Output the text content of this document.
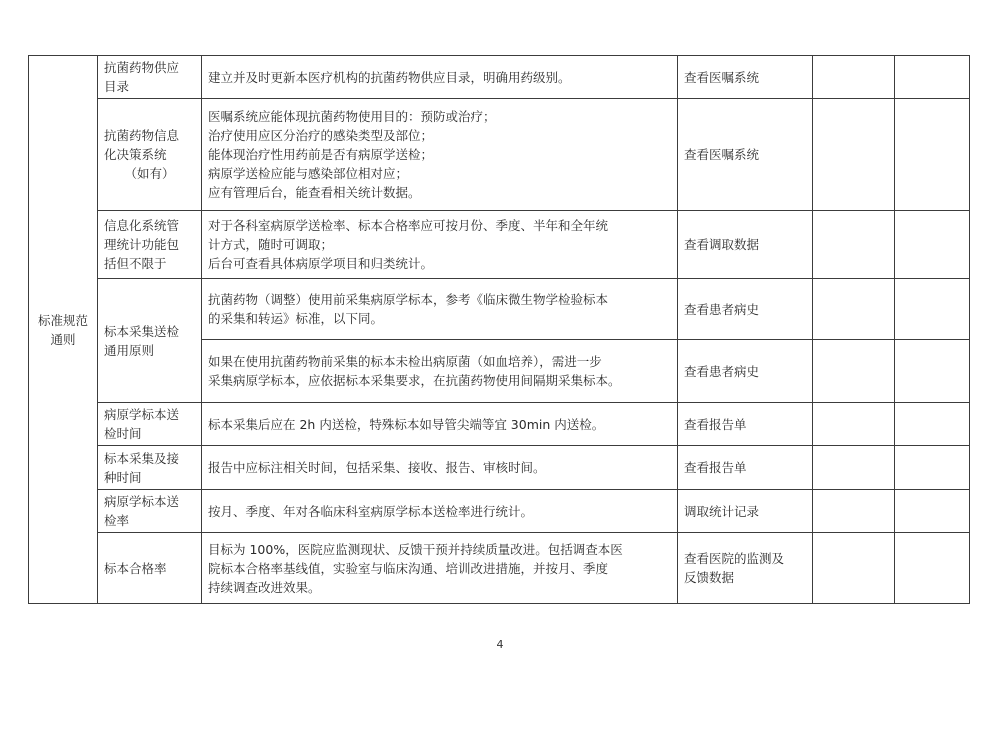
标准规范通则	抗菌药物供应
目录	建立并及时更新本医疗机构的抗菌药物供应目录，明确用药级别。	查看医嘱系统		

	抗菌药物信息
化决策系统
（如有）	医嘱系统应能体现抗菌药物使用目的：预防或治疗；
治疗使用应区分治疗的感染类型及部位；
能体现治疗性用药前是否有病原学送检；
病原学送检应能与感染部位相对应；
应有管理后台，能查看相关统计数据。	查看医嘱系统		

	信息化系统管
理统计功能包
括但不限于	对于各科室病原学送检率、标本合格率应可按月份、季度、半年和全年统
计方式，随时可调取；
后台可查看具体病原学项目和归类统计。	查看调取数据		

	标本采集送检
通用原则	抗菌药物（调整）使用前采集病原学标本，参考《临床微生物学检验标本
的采集和转运》标准，以下同。	查看患者病史		

		如果在使用抗菌药物前采集的标本未检出病原菌（如血培养），需进一步
采集病原学标本，应依据标本采集要求，在抗菌药物使用间隔期采集标本。	查看患者病史		

	病原学标本送
检时间	标本采集后应在 2h 内送检，特殊标本如导管尖端等宜 30min 内送检。	查看报告单		

	标本采集及接
种时间	报告中应标注相关时间，包括采集、接收、报告、审核时间。	查看报告单		

	病原学标本送
检率	按月、季度、年对各临床科室病原学标本送检率进行统计。	调取统计记录		

	标本合格率	目标为 100%，医院应监测现状、反馈干预并持续质量改进。包括调查本医
院标本合格率基线值，实验室与临床沟通、培训改进措施，并按月、季度
持续调查改进效果。	查看医院的监测及
反馈数据		

4
